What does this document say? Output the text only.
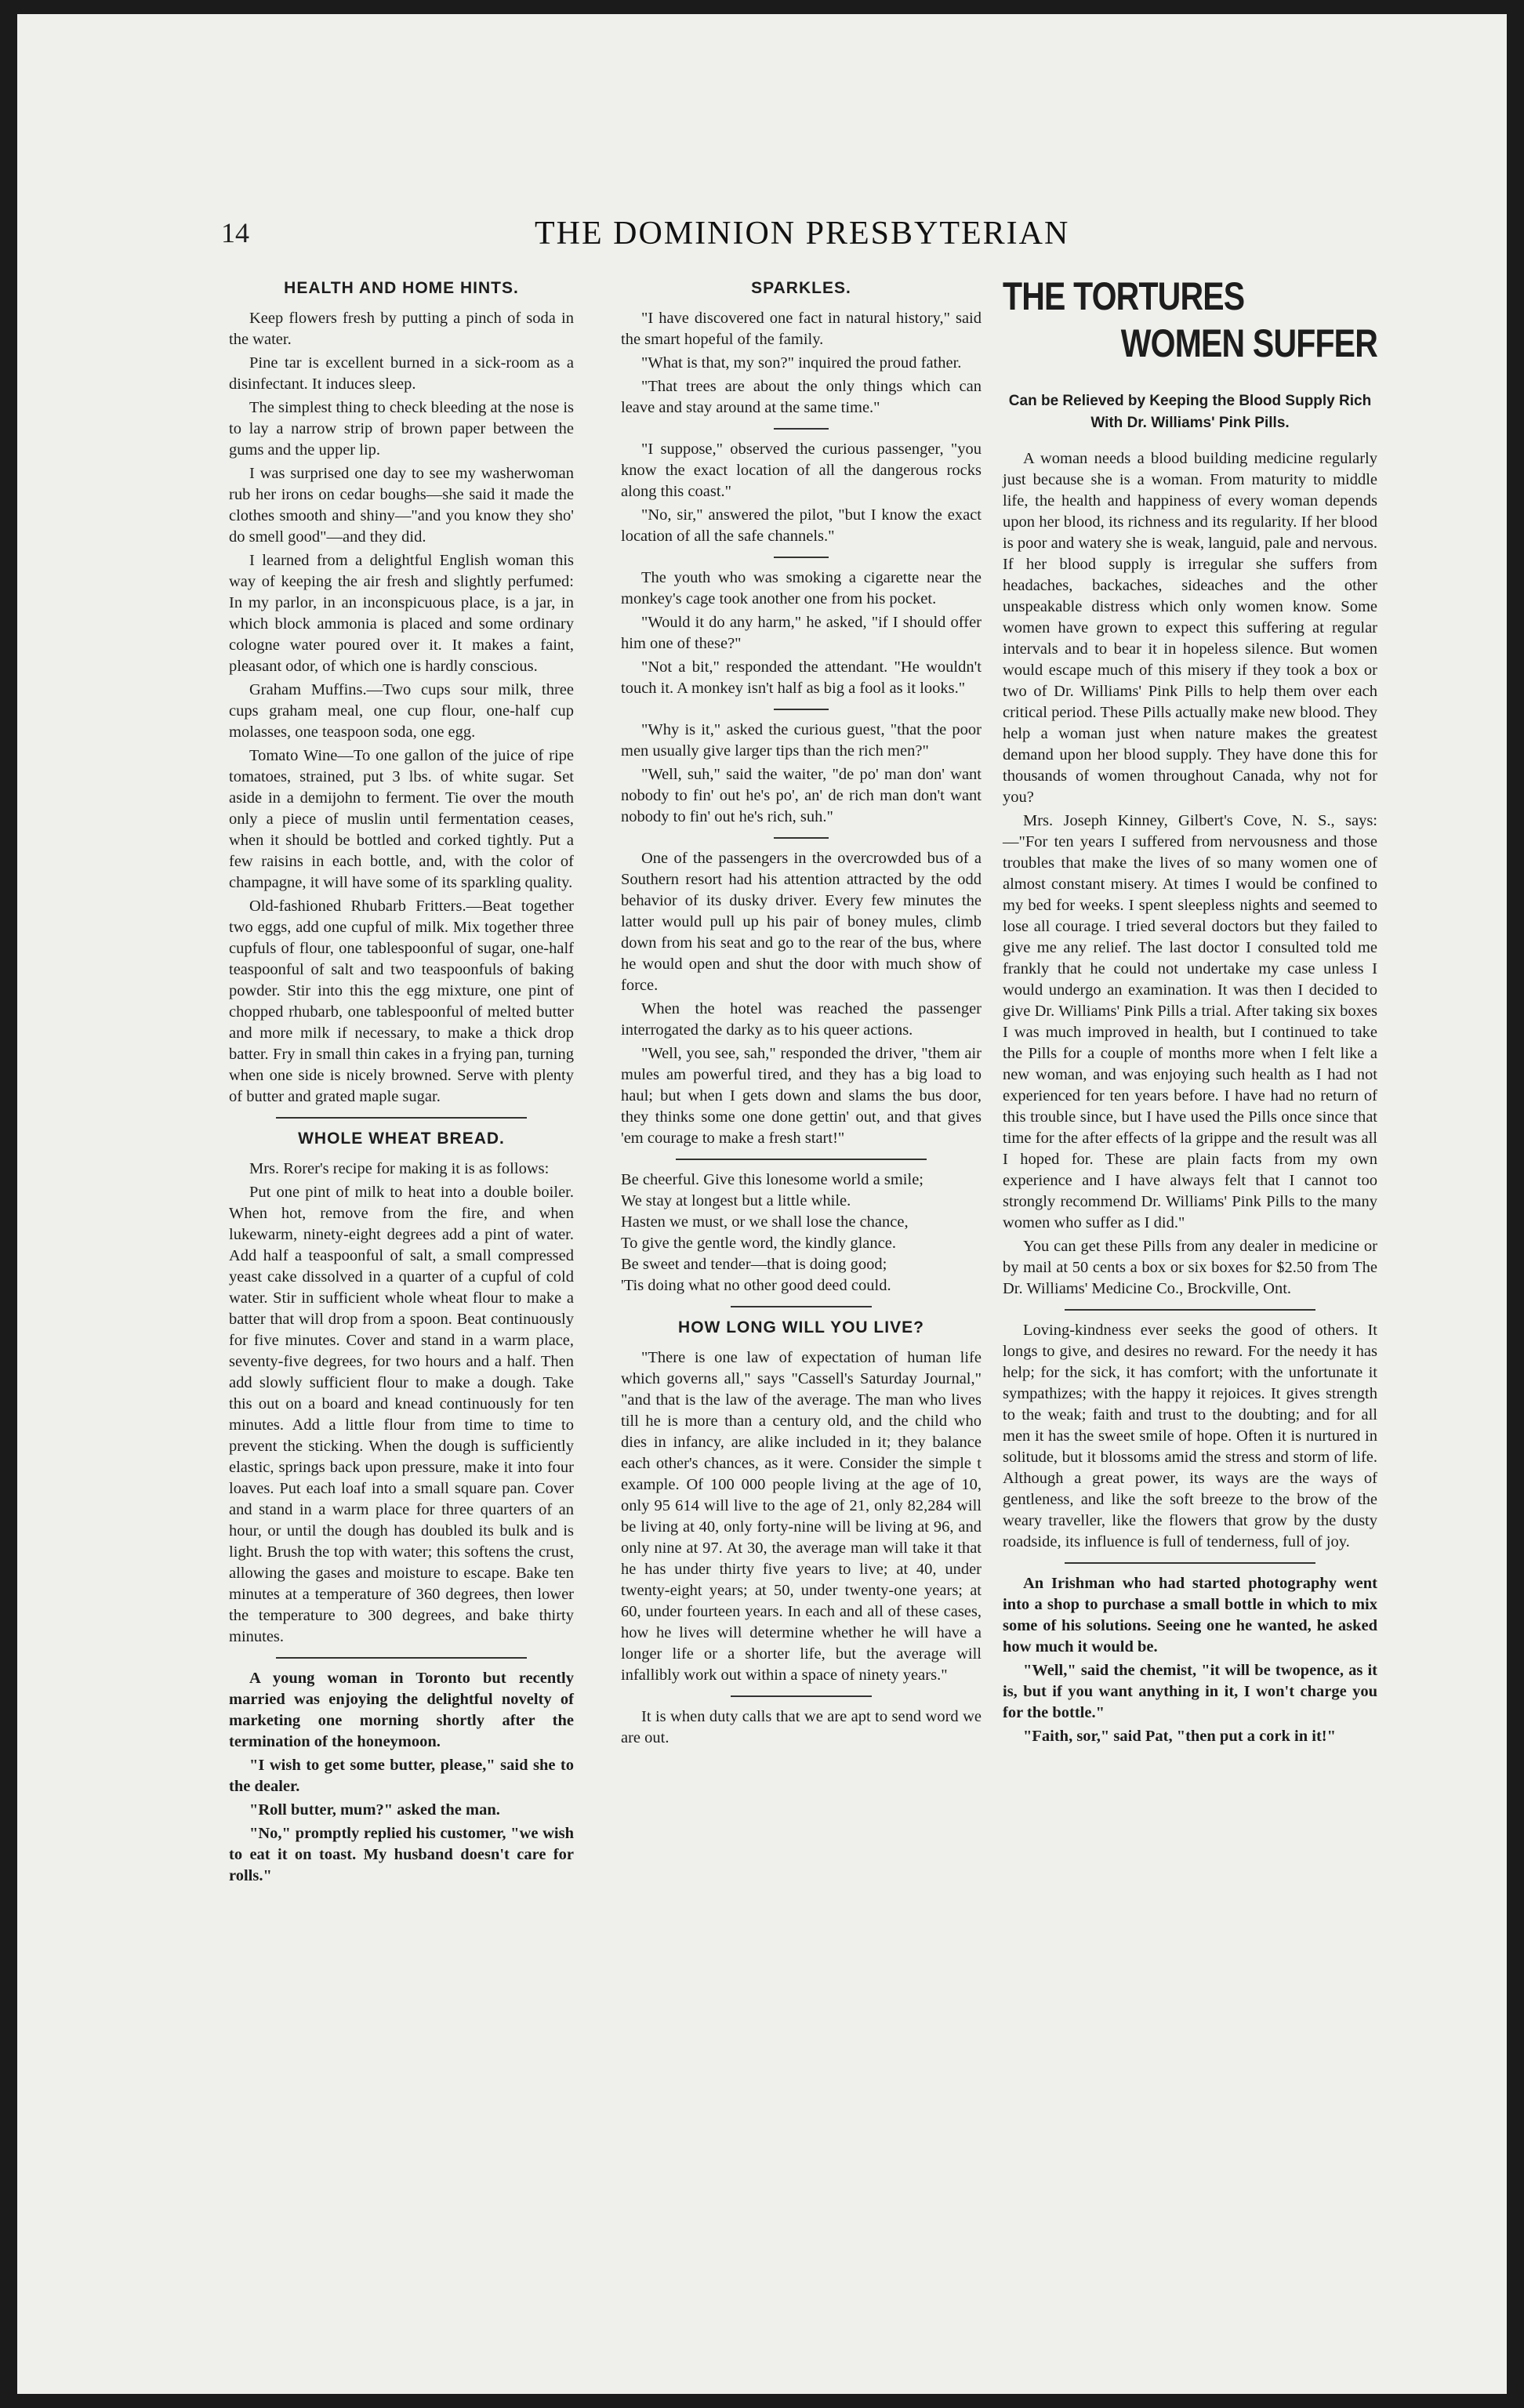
14	THE DOMINION PRESBYTERIAN
HEALTH AND HOME HINTS.

Keep flowers fresh by putting a pinch of soda in the water.

Pine tar is excellent burned in a sick-room as a disinfectant. It induces sleep.

The simplest thing to check bleeding at the nose is to lay a narrow strip of brown paper between the gums and the upper lip.

I was surprised one day to see my washerwoman rub her irons on cedar boughs—she said it made the clothes smooth and shiny—"and you know they sho' do smell good"—and they did.

I learned from a delightful English woman this way of keeping the air fresh and slightly perfumed: In my parlor, in an inconspicuous place, is a jar, in which block ammonia is placed and some ordinary cologne water poured over it. It makes a faint, pleasant odor, of which one is hardly conscious.

Graham Muffins.—Two cups sour milk, three cups graham meal, one cup flour, one-half cup molasses, one teaspoon soda, one egg.

Tomato Wine—To one gallon of the juice of ripe tomatoes, strained, put 3 lbs. of white sugar. Set aside in a demijohn to ferment. Tie over the mouth only a piece of muslin until fermentation ceases, when it should be bottled and corked tightly. Put a few raisins in each bottle, and, with the color of champagne, it will have some of its sparkling quality.

Old-fashioned Rhubarb Fritters.—Beat together two eggs, add one cupful of milk. Mix together three cupfuls of flour, one tablespoonful of sugar, one-half teaspoonful of salt and two teaspoonfuls of baking powder. Stir into this the egg mixture, one pint of chopped rhubarb, one tablespoonful of melted butter and more milk if necessary, to make a thick drop batter. Fry in small thin cakes in a frying pan, turning when one side is nicely browned. Serve with plenty of butter and grated maple sugar.

WHOLE WHEAT BREAD.

Mrs. Rorer's recipe for making it is as follows:

Put one pint of milk to heat into a double boiler. When hot, remove from the fire, and when lukewarm, ninety-eight degrees add a pint of water. Add half a teaspoonful of salt, a small compressed yeast cake dissolved in a quarter of a cupful of cold water. Stir in sufficient whole wheat flour to make a batter that will drop from a spoon. Beat continuously for five minutes. Cover and stand in a warm place, seventy-five degrees, for two hours and a half. Then add slowly sufficient flour to make a dough. Take this out on a board and knead continuously for ten minutes. Add a little flour from time to time to prevent the sticking. When the dough is sufficiently elastic, springs back upon pressure, make it into four loaves. Put each loaf into a small square pan. Cover and stand in a warm place for three quarters of an hour, or until the dough has doubled its bulk and is light. Brush the top with water; this softens the crust, allowing the gases and moisture to escape. Bake ten minutes at a temperature of 360 degrees, then lower the temperature to 300 degrees, and bake thirty minutes.

A young woman in Toronto but recently married was enjoying the delightful novelty of marketing one morning shortly after the termination of the honeymoon.

"I wish to get some butter, please," said she to the dealer.

"Roll butter, mum?" asked the man.

"No," promptly replied his customer, "we wish to eat it on toast. My husband doesn't care for rolls."

SPARKLES.

"I have discovered one fact in natural history," said the smart hopeful of the family.

"What is that, my son?" inquired the proud father.

"That trees are about the only things which can leave and stay around at the same time."

"I suppose," observed the curious passenger, "you know the exact location of all the dangerous rocks along this coast."

"No, sir," answered the pilot, "but I know the exact location of all the safe channels."

The youth who was smoking a cigarette near the monkey's cage took another one from his pocket.

"Would it do any harm," he asked, "if I should offer him one of these?"

"Not a bit," responded the attendant. "He wouldn't touch it. A monkey isn't half as big a fool as it looks."

"Why is it," asked the curious guest, "that the poor men usually give larger tips than the rich men?"

"Well, suh," said the waiter, "de po' man don' want nobody to fin' out he's po', an' de rich man don't want nobody to fin' out he's rich, suh."

One of the passengers in the overcrowded bus of a Southern resort had his attention attracted by the odd behavior of its dusky driver. Every few minutes the latter would pull up his pair of boney mules, climb down from his seat and go to the rear of the bus, where he would open and shut the door with much show of force.

When the hotel was reached the passenger interrogated the darky as to his queer actions.

"Well, you see, sah," responded the driver, "them air mules am powerful tired, and they has a big load to haul; but when I gets down and slams the bus door, they thinks some one done gettin' out, and that gives 'em courage to make a fresh start!"

Be cheerful. Give this lonesome world a smile;

We stay at longest but a little while.

Hasten we must, or we shall lose the chance,

To give the gentle word, the kindly glance.

Be sweet and tender—that is doing good;

'Tis doing what no other good deed could.

HOW LONG WILL YOU LIVE?

"There is one law of expectation of human life which governs all," says "Cassell's Saturday Journal," "and that is the law of the average. The man who lives till he is more than a century old, and the child who dies in infancy, are alike included in it; they balance each other's chances, as it were. Consider the simple t example. Of 100 000 people living at the age of 10, only 95 614 will live to the age of 21, only 82,284 will be living at 40, only forty-nine will be living at 96, and only nine at 97. At 30, the average man will take it that he has under thirty five years to live; at 40, under twenty-eight years; at 50, under twenty-one years; at 60, under fourteen years. In each and all of these cases, how he lives will determine whether he will have a longer life or a shorter life, but the average will infallibly work out within a space of ninety years."

It is when duty calls that we are apt to send word we are out.

THE TORTURES
WOMEN SUFFER
Can be Relieved by Keeping the Blood Supply Rich With Dr. Williams' Pink Pills.

A woman needs a blood building medicine regularly just because she is a woman. From maturity to middle life, the health and happiness of every woman depends upon her blood, its richness and its regularity. If her blood is poor and watery she is weak, languid, pale and nervous. If her blood supply is irregular she suffers from headaches, backaches, sideaches and the other unspeakable distress which only women know. Some women have grown to expect this suffering at regular intervals and to bear it in hopeless silence. But women would escape much of this misery if they took a box or two of Dr. Williams' Pink Pills to help them over each critical period. These Pills actually make new blood. They help a woman just when nature makes the greatest demand upon her blood supply. They have done this for thousands of women throughout Canada, why not for you?

Mrs. Joseph Kinney, Gilbert's Cove, N. S., says:—"For ten years I suffered from nervousness and those troubles that make the lives of so many women one of almost constant misery. At times I would be confined to my bed for weeks. I spent sleepless nights and seemed to lose all courage. I tried several doctors but they failed to give me any relief. The last doctor I consulted told me frankly that he could not undertake my case unless I would undergo an examination. It was then I decided to give Dr. Williams' Pink Pills a trial. After taking six boxes I was much improved in health, but I continued to take the Pills for a couple of months more when I felt like a new woman, and was enjoying such health as I had not experienced for ten years before. I have had no return of this trouble since, but I have used the Pills once since that time for the after effects of la grippe and the result was all I hoped for. These are plain facts from my own experience and I have always felt that I cannot too strongly recommend Dr. Williams' Pink Pills to the many women who suffer as I did."

You can get these Pills from any dealer in medicine or by mail at 50 cents a box or six boxes for $2.50 from The Dr. Williams' Medicine Co., Brockville, Ont.

Loving-kindness ever seeks the good of others. It longs to give, and desires no reward. For the needy it has help; for the sick, it has comfort; with the unfortunate it sympathizes; with the happy it rejoices. It gives strength to the weak; faith and trust to the doubting; and for all men it has the sweet smile of hope. Often it is nurtured in solitude, but it blossoms amid the stress and storm of life. Although a great power, its ways are the ways of gentleness, and like the soft breeze to the brow of the weary traveller, like the flowers that grow by the dusty roadside, its influence is full of tenderness, full of joy.

An Irishman who had started photography went into a shop to purchase a small bottle in which to mix some of his solutions. Seeing one he wanted, he asked how much it would be.

"Well," said the chemist, "it will be twopence, as it is, but if you want anything in it, I won't charge you for the bottle."

"Faith, sor," said Pat, "then put a cork in it!"
